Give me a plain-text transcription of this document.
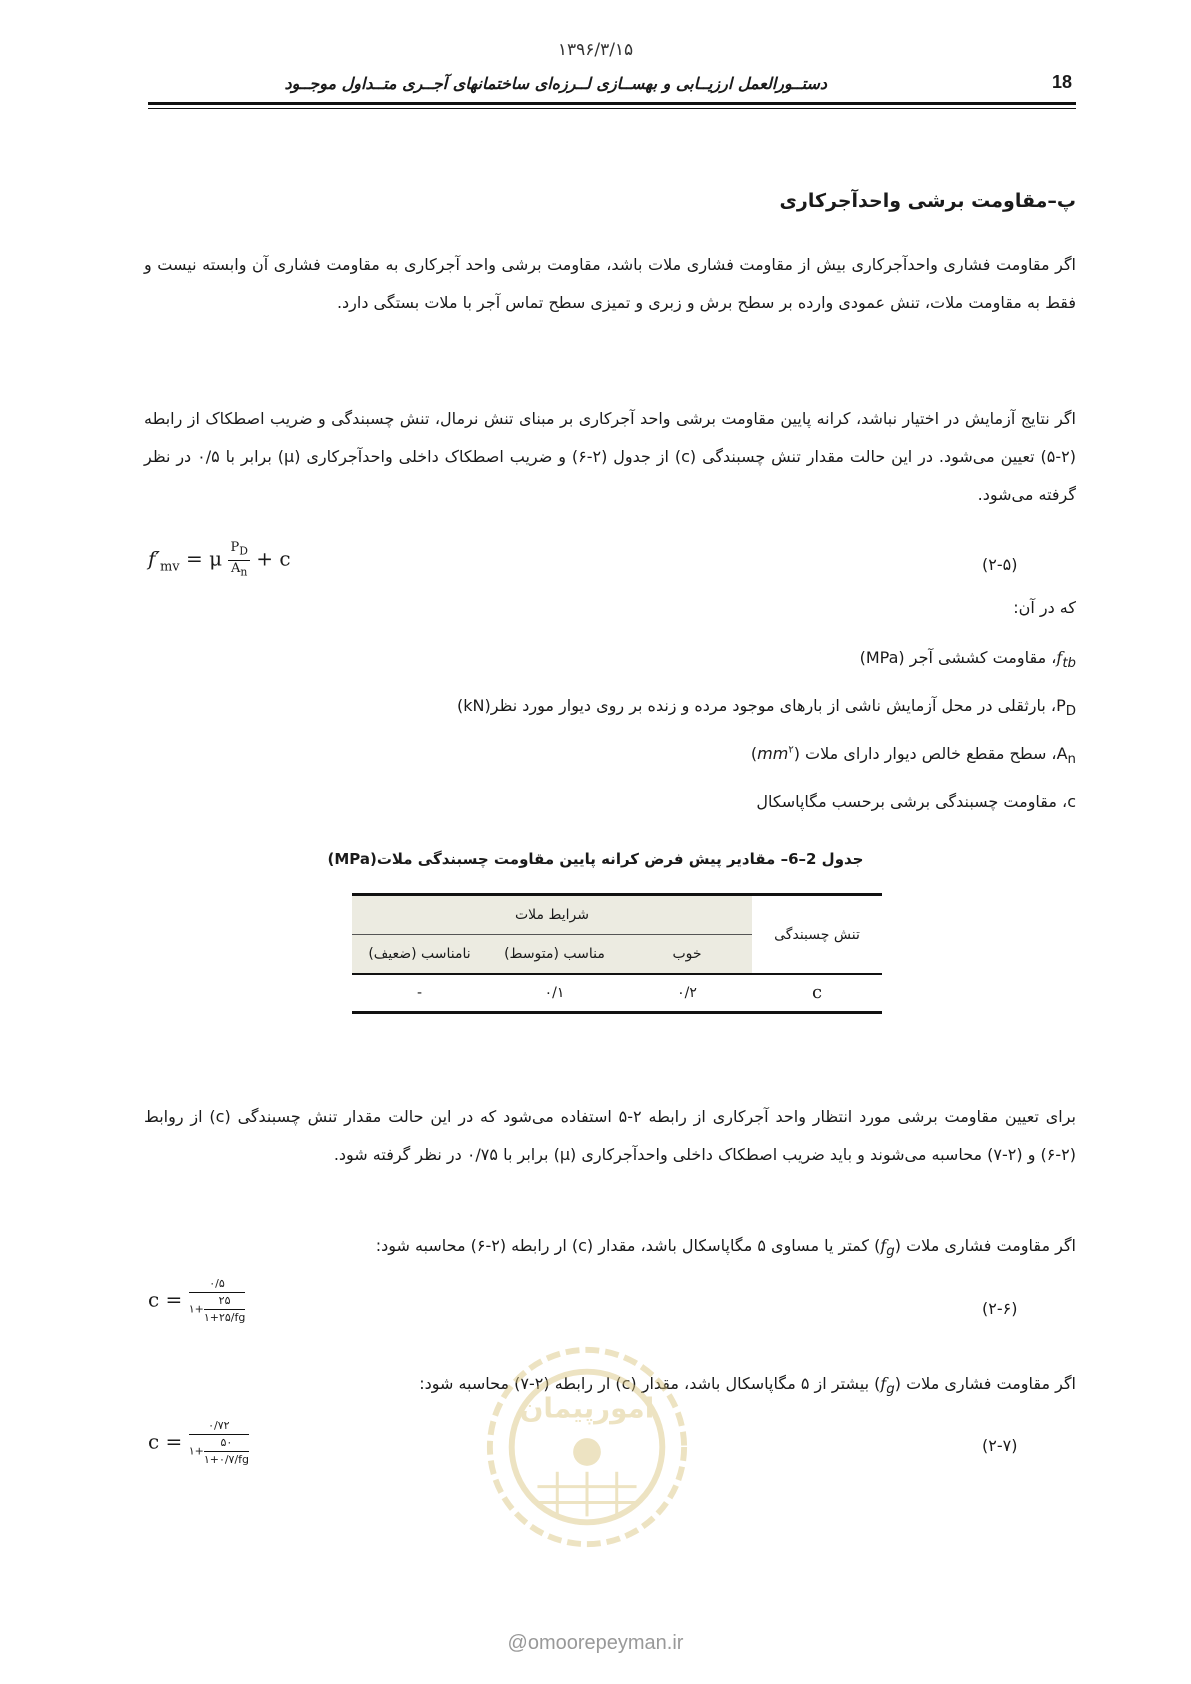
۱۳۹۶/۳/۱۵
دستــورالعمل ارزیــابی و بهســازی لــرزه‌ای ساختمانهای آجــری متــداول موجــود	18
پ–مقاومت برشی واحدآجرکاری
اگر مقاومت فشاری واحدآجرکاری بیش از مقاومت فشاری ملات باشد، مقاومت برشی واحد آجرکاری به مقاومت فشاری آن وابسته نیست و فقط به مقاومت ملات، تنش عمودی وارده بر سطح برش و زبری و تمیزی سطح تماس آجر با ملات بستگی دارد.
اگر نتایج آزمایش در اختیار نباشد، کرانه پایین مقاومت برشی واحد آجرکاری بر مبنای تنش نرمال، تنش چسبندگی و ضریب اصطکاک از رابطه (۲-۵) تعیین می‌شود. در این حالت مقدار تنش چسبندگی (c) از جدول (۲-۶) و ضریب اصطکاک داخلی واحدآجرکاری (μ) برابر با ۰/۵ در نظر گرفته می‌شود.
$f'_{mv} = \mu \frac{P_D}{A_n} + c$	(۲-۵)
که در آن:
$f_{tb}،$ مقاومت کششی آجر (MPa)
$P_D،$ بارثقلی در محل آزمایش ناشی از بارهای موجود مرده و زنده بر روی دیوار مورد نظر(kN)
$A_n،$ سطح مقطع خالص دیوار دارای ملات $(mm^۲)$
c، مقاومت چسبندگی برشی برحسب مگاپاسکال
جدول 2–6– مقادیر پیش فرض کرانه پایین مقاومت چسبندگی ملات(MPa)
تنش چسبندگی	شرایط ملات		
	خوب	مناسب (متوسط)	نامناسب (ضعیف)
c	۰/۲	۰/۱	-
برای تعیین مقاومت برشی مورد انتظار واحد آجرکاری از رابطه ۲-۵ استفاده می‌شود که در این حالت مقدار تنش چسبندگی (c) از روابط (۲-۶) و (۲-۷) محاسبه می‌شوند و باید ضریب اصطکاک داخلی واحدآجرکاری (μ) برابر با ۰/۷۵ در نظر گرفته شود.
اگر مقاومت فشاری ملات $(f_g)$ کمتر یا مساوی ۵ مگاپاسکال باشد، مقدار (c) ار رابطه (۲-۶) محاسبه شود:
$c = \frac{۰/۵}{۱+ \frac{۲۵}{۱+۲۵/fg}}$	(۲-۶)
اگر مقاومت فشاری ملات $(f_g)$ بیشتر از ۵ مگاپاسکال باشد، مقدار (c) ار رابطه (۲-۷) محاسبه شود:
$c = \frac{۰/۷۲}{۱+ \frac{۵۰}{۱+۰/۷/fg}}$	(۲-۷)
امورپیمان
@omoorepeyman.ir
